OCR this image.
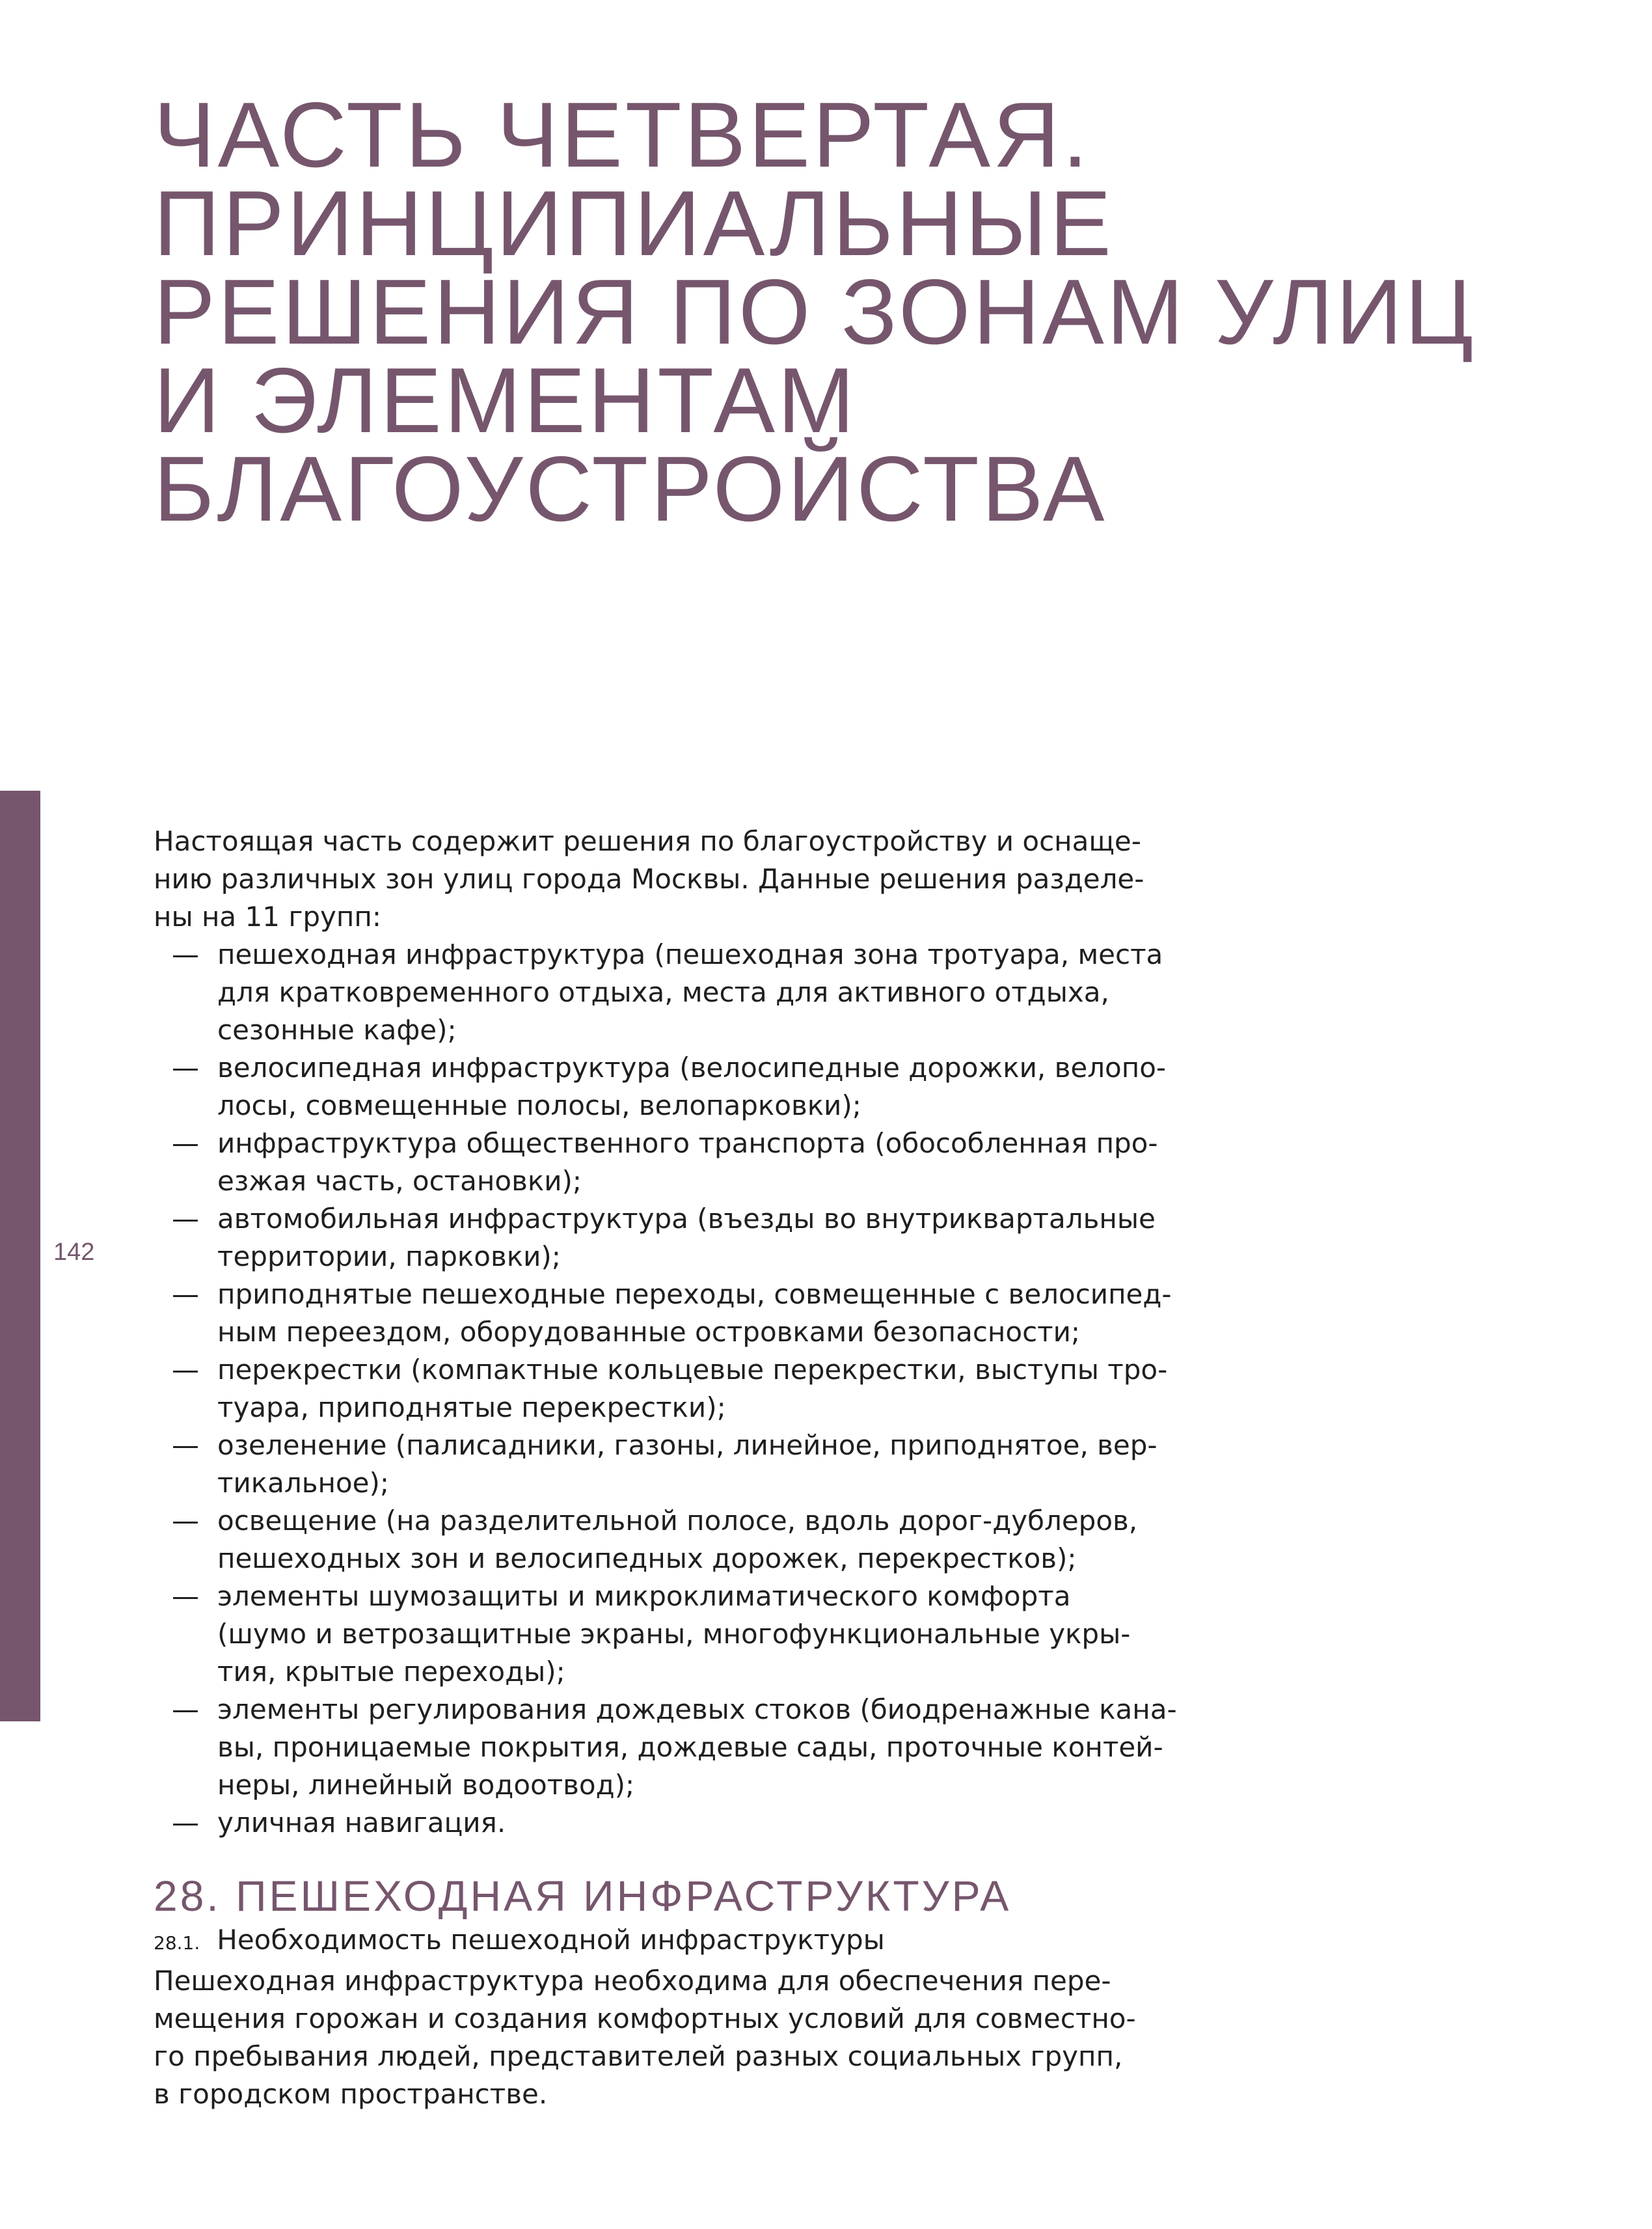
142
ЧАСТЬ ЧЕТВЕРТАЯ.
ПРИНЦИПИАЛЬНЫЕ
РЕШЕНИЯ ПО ЗОНАМ УЛИЦ
И ЭЛЕМЕНТАМ
БЛАГОУСТРОЙСТВА

Настоящая часть содержит решения по благоустройству и оснаще-

нию различных зон улиц города Москвы. Данные решения разделе-

ны на 11 групп:

— пешеходная инфраструктура (пешеходная зона тротуара, места
для кратковременного отдыха, места для активного отдыха,
сезонные кафе);
— велосипедная инфраструктура (велосипедные дорожки, велопо-
лосы, совмещенные полосы, велопарковки);
— инфраструктура общественного транспорта (обособленная про-
езжая часть, остановки);
— автомобильная инфраструктура (въезды во внутриквартальные
территории, парковки);
— приподнятые пешеходные переходы, совмещенные с велосипед-
ным переездом, оборудованные островками безопасности;
— перекрестки (компактные кольцевые перекрестки, выступы тро-
туара, приподнятые перекрестки);
— озеленение (палисадники, газоны, линейное, приподнятое, вер-
тикальное);
— освещение (на разделительной полосе, вдоль дорог-дублеров,
пешеходных зон и велосипедных дорожек, перекрестков);
— элементы шумозащиты и микроклиматического комфорта
(шумо и ветрозащитные экраны, многофункциональные укры-
тия, крытые переходы);
— элементы регулирования дождевых стоков (биодренажные кана-
вы, проницаемые покрытия, дождевые сады, проточные контей-
неры, линейный водоотвод);
— уличная навигация.
28. ПЕШЕХОДНАЯ ИНФРАСТРУКТУРА

28.1. Необходимость пешеходной инфраструктуры

Пешеходная инфраструктура необходима для обеспечения пере-

мещения горожан и создания комфортных условий для совместно-

го пребывания людей, представителей разных социальных групп,

в городском пространстве.
